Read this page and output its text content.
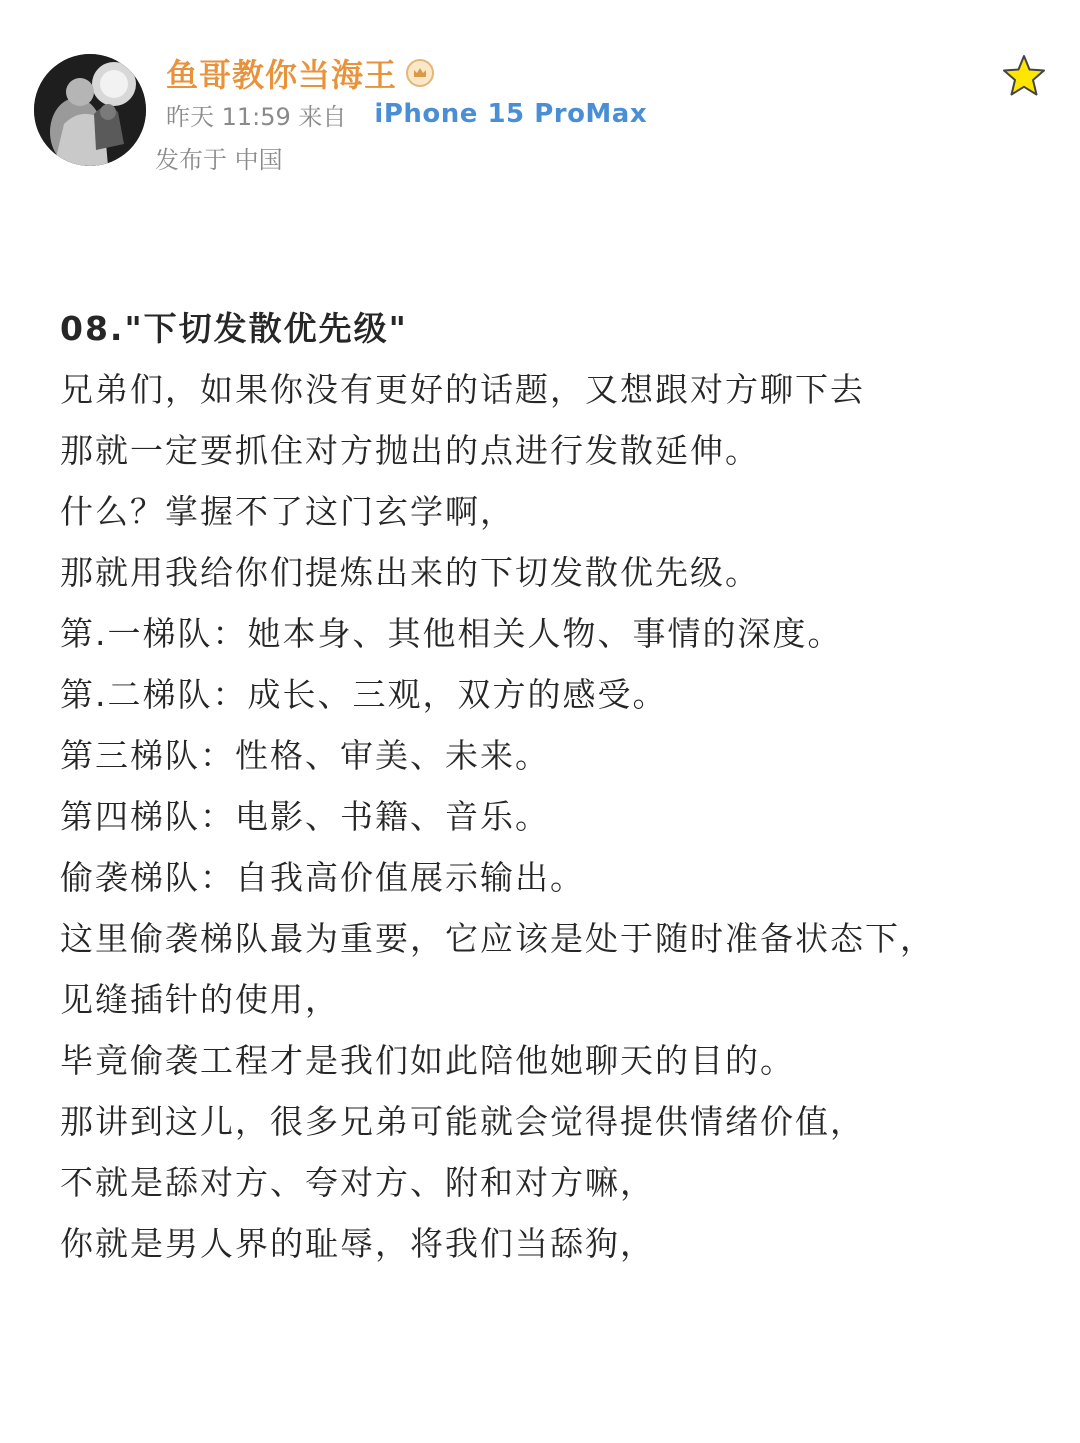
鱼哥教你当海王
昨天 11:59 来自 iPhone 15 ProMax
发布于 中国
08."下切发散优先级"
兄弟们，如果你没有更好的话题，又想跟对方聊下去
那就一定要抓住对方抛出的点进行发散延伸。
什么？掌握不了这门玄学啊，
那就用我给你们提炼出来的下切发散优先级。
第.一梯队：她本身、其他相关人物、事情的深度。
第.二梯队：成长、三观，双方的感受。
第三梯队：性格、审美、未来。
第四梯队：电影、书籍、音乐。
偷袭梯队：自我高价值展示输出。
这里偷袭梯队最为重要，它应该是处于随时准备状态下，
见缝插针的使用，
毕竟偷袭工程才是我们如此陪他她聊天的目的。
那讲到这儿，很多兄弟可能就会觉得提供情绪价值，
不就是舔对方、夸对方、附和对方嘛，
你就是男人界的耻辱，将我们当舔狗，
